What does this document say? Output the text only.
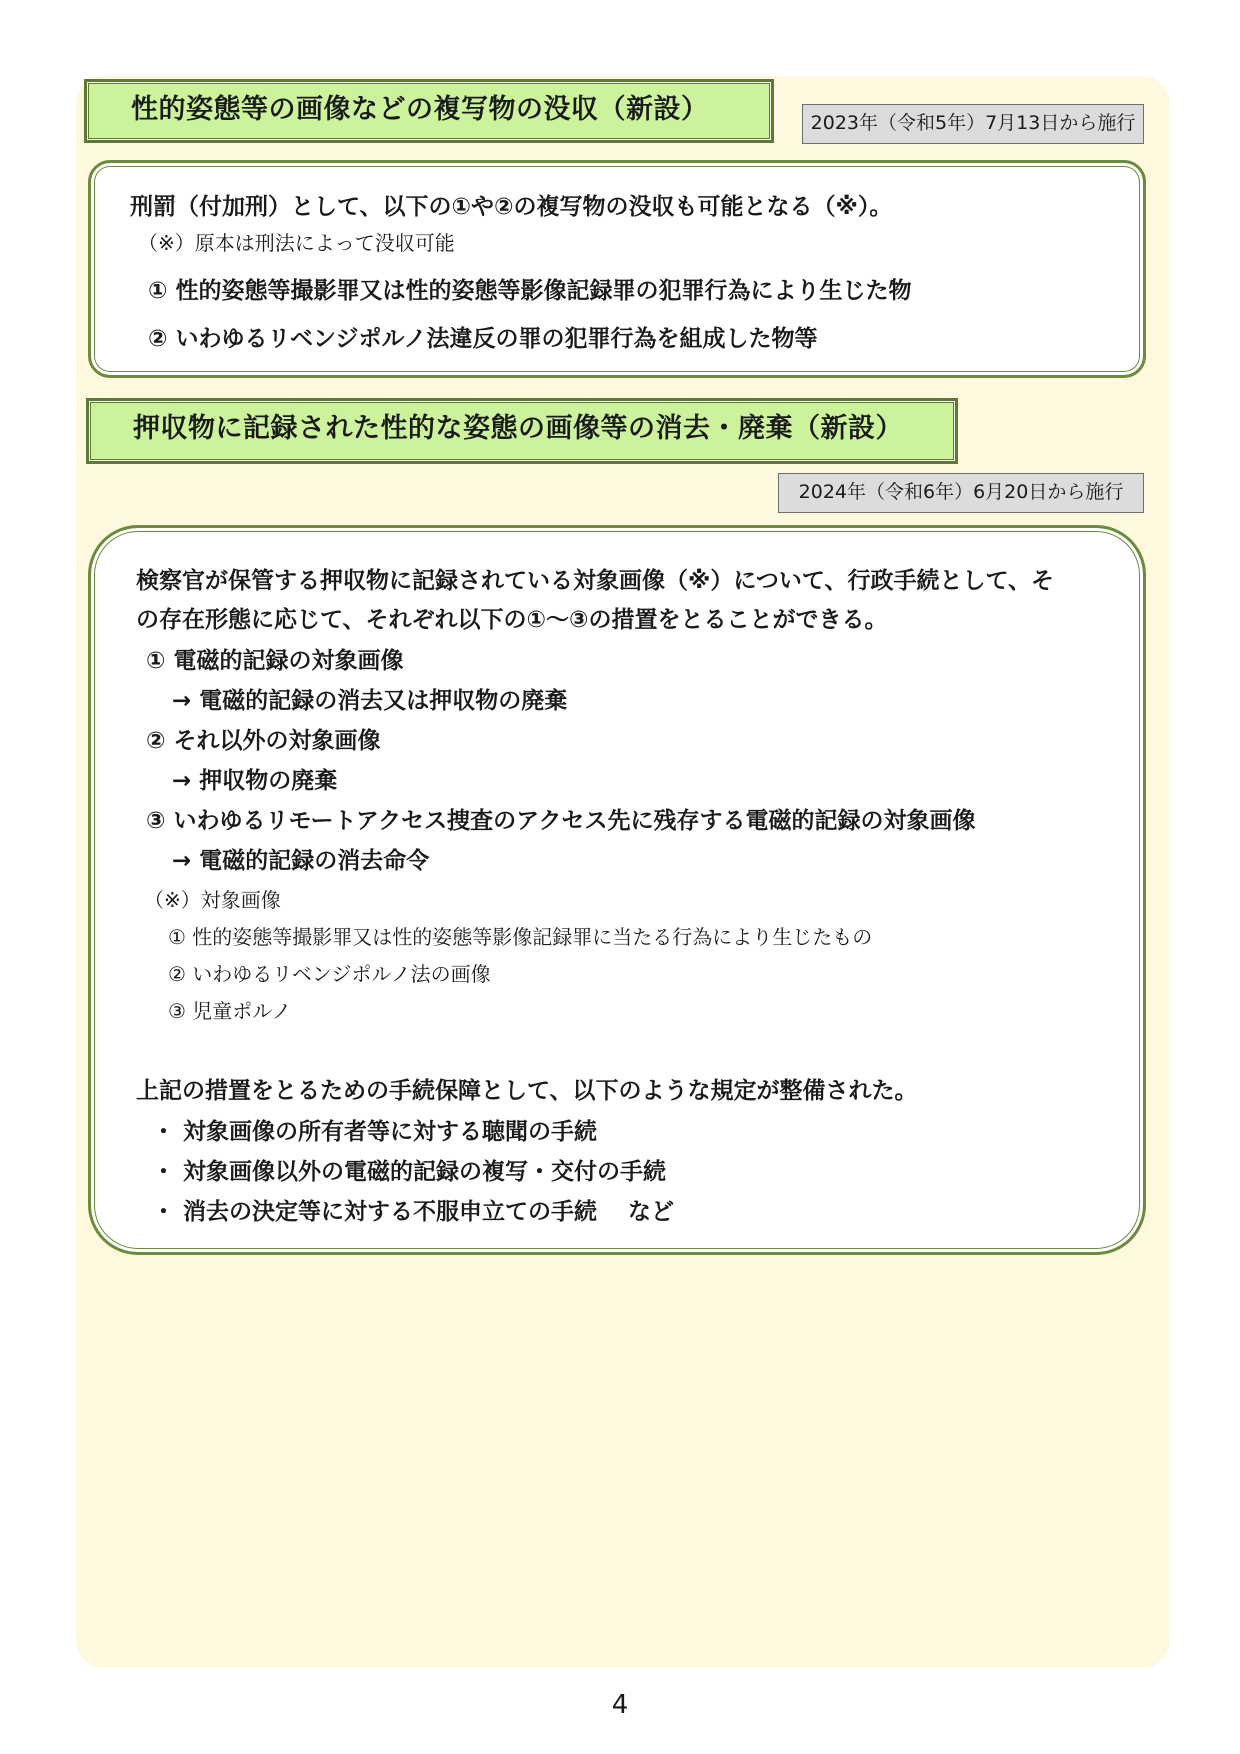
性的姿態等の画像などの複写物の没収（新設）	2023年（令和5年）7月13日から施行
刑罰（付加刑）として、以下の①や②の複写物の没収も可能となる（※）。
（※）原本は刑法によって没収可能
① 性的姿態等撮影罪又は性的姿態等影像記録罪の犯罪行為により生じた物
② いわゆるリベンジポルノ法違反の罪の犯罪行為を組成した物等
押収物に記録された性的な姿態の画像等の消去・廃棄（新設）
2024年（令和6年）6月20日から施行
検察官が保管する押収物に記録されている対象画像（※）について、行政手続として、そ
の存在形態に応じて、それぞれ以下の①～③の措置をとることができる。
① 電磁的記録の対象画像
→ 電磁的記録の消去又は押収物の廃棄
② それ以外の対象画像
→ 押収物の廃棄
③ いわゆるリモートアクセス捜査のアクセス先に残存する電磁的記録の対象画像
→ 電磁的記録の消去命令
（※）対象画像
① 性的姿態等撮影罪又は性的姿態等影像記録罪に当たる行為により生じたもの
② いわゆるリベンジポルノ法の画像
③ 児童ポルノ
上記の措置をとるための手続保障として、以下のような規定が整備された。
・ 対象画像の所有者等に対する聴聞の手続
・ 対象画像以外の電磁的記録の複写・交付の手続
・ 消去の決定等に対する不服申立ての手続　 など
4
